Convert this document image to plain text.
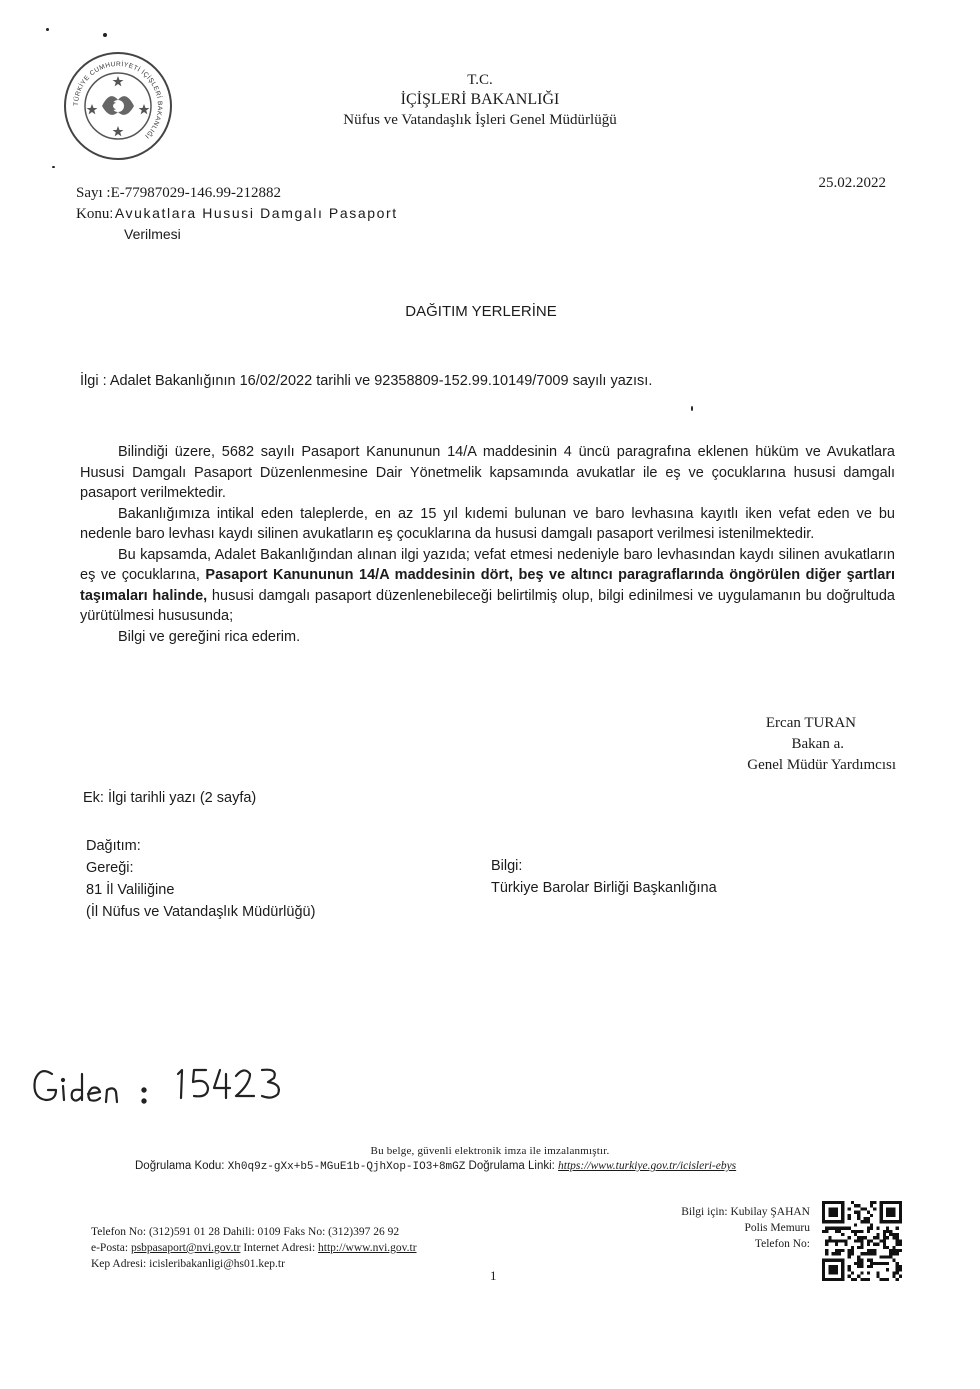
TÜRKİYE CUMHURİYETİ İÇİŞLERİ BAKANLIĞI
T.C.
İÇİŞLERİ BAKANLIĞI
Nüfus ve Vatandaşlık İşleri Genel Müdürlüğü
25.02.2022
Sayı :E-77987029-146.99-212882
Konu:Avukatlara Hususi Damgalı Pasaport
Verilmesi
DAĞITIM YERLERİNE
İlgi : Adalet Bakanlığının 16/02/2022 tarihli ve 92358809-152.99.10149/7009 sayılı yazısı.

Bilindiği üzere, 5682 sayılı Pasaport Kanununun 14/A maddesinin 4 üncü paragrafına eklenen hüküm ve Avukatlara Hususi Damgalı Pasaport Düzenlenmesine Dair Yönetmelik kapsamında avukatlar ile eş ve çocuklarına hususi damgalı pasaport verilmektedir.

Bakanlığımıza intikal eden taleplerde, en az 15 yıl kıdemi bulunan ve baro levhasına kayıtlı iken vefat eden ve bu nedenle baro levhası kaydı silinen avukatların eş çocuklarına da hususi damgalı pasaport verilmesi istenilmektedir.

Bu kapsamda, Adalet Bakanlığından alınan ilgi yazıda; vefat etmesi nedeniyle baro levhasından kaydı silinen avukatların eş ve çocuklarına, Pasaport Kanununun 14/A maddesinin dört, beş ve altıncı paragraflarında öngörülen diğer şartları taşımaları halinde, hususi damgalı pasaport düzenlenebileceği belirtilmiş olup, bilgi edinilmesi ve uygulamanın bu doğrultuda yürütülmesi hususunda;

Bilgi ve gereğini rica ederim.

Ercan TURAN
Bakan a.
Genel Müdür Yardımcısı
Ek: İlgi tarihli yazı (2 sayfa)
Dağıtım:
Gereği:
81 İl Valiliğine
(İl Nüfus ve Vatandaşlık Müdürlüğü)
Bilgi:
Türkiye Barolar Birliği Başkanlığına
Bu belge, güvenli elektronik imza ile imzalanmıştır.
Doğrulama Kodu: Xh0q9z-gXx+b5-MGuE1b-QjhXop-IO3+8mGZ Doğrulama Linki: https://www.turkiye.gov.tr/icisleri-ebys
Telefon No: (312)591 01 28 Dahili: 0109 Faks No: (312)397 26 92
e-Posta: psbpasaport@nvi.gov.tr Internet Adresi: http://www.nvi.gov.tr
Kep Adresi: icisleribakanligi@hs01.kep.tr
Bilgi için: Kubilay ŞAHAN
Polis Memuru
Telefon No:
1
